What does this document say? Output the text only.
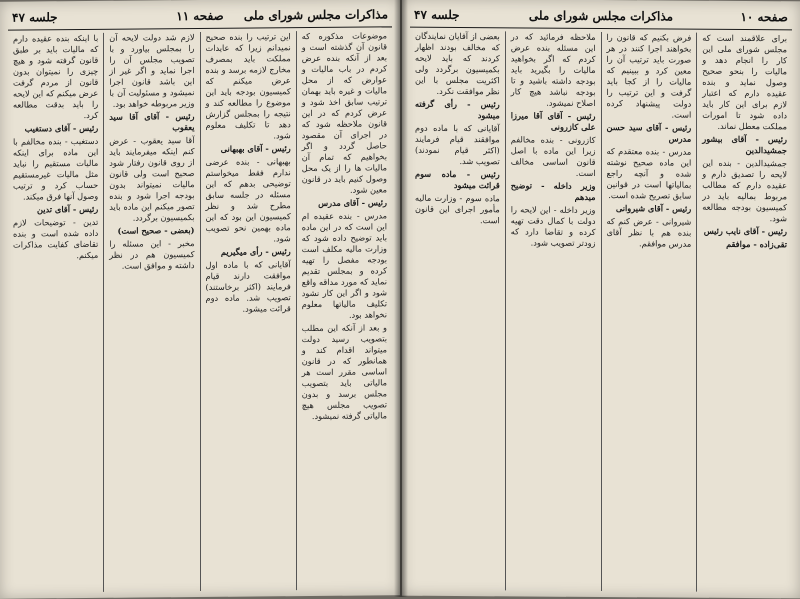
مذاکرات مجلس شورای ملی
صفحه ۱۱
جلسه ۴۷

موضوعات مذکوره که قانون آن گذشته است و بعد از آنکه بنده عرض کردم در باب مالیات و عوارض که از محل مالیات و غیره باید بهمان ترتیب سابق اخذ شود و عرض کردم که در این قانون ملاحظه شود که در اجرای آن مقصود حاصل گردد و اگر بخواهیم که تمام آن مالیات ها را از یک محل وصول کنیم باید در قانون معین شود.

رئیس - آقای مدرس

مدرس - بنده عقیده ام این است که در این ماده باید توضیح داده شود که وزارت مالیه مکلف است بودجه مفصل را تهیه کرده و بمجلس تقدیم نماید که مورد مداقه واقع شود و اگر این کار نشود تکلیف مالیاتها معلوم نخواهد بود.

و بعد از آنکه این مطلب بتصویب رسید دولت میتواند اقدام کند و همانطور که در قانون اساسی مقرر است هر مالیاتی باید بتصویب مجلس برسد و بدون تصویب مجلس هیچ مالیاتی گرفته نمیشود.

این ترتیب را بنده صحیح نمیدانم زیرا که عایدات مملکت باید بمصرف مخارج لازمه برسد و بنده عرض میکنم که کمیسیون بودجه باید این موضوع را مطالعه کند و نتیجه را بمجلس گزارش دهد تا تکلیف معلوم شود.

رئیس - آقای بهبهانی

بهبهانی - بنده عرضی ندارم فقط میخواستم توضیحی بدهم که این مسئله در جلسه سابق مطرح شد و نظر کمیسیون این بود که این ماده بهمین نحو تصویب شود.

رئیس - رأی میگیریم

آقایانی که با ماده اول موافقت دارند قیام فرمایند (اکثر برخاستند) تصویب شد. ماده دوم قرائت میشود.

لازم شد دولت لایحه آن را بمجلس بیاورد و با تصویب مجلس آن را اجرا نماید و اگر غیر از این باشد قانون اجرا نمیشود و مسئولیت آن با وزیر مربوطه خواهد بود.

رئیس - آقای آقا سید یعقوب

آقا سید یعقوب - عرض کنم اینکه میفرمایند باید از روی قانون رفتار شود صحیح است ولی قانون مالیات نمیتواند بدون بودجه اجرا شود و بنده تصور میکنم این ماده باید بکمیسیون برگردد.

(بعضی - صحیح است)

مخبر - این مسئله را کمیسیون هم در نظر داشته و موافق است.

با اینکه بنده عقیده دارم که مالیات باید بر طبق قانون گرفته شود و هیچ چیزی را نمیتوان بدون قانون از مردم گرفت عرض میکنم که این لایحه را باید بدقت مطالعه کرد.

رئیس - آقای دستغیب

دستغیب - بنده مخالفم با این ماده برای اینکه مالیات مستقیم را نباید مثل مالیات غیرمستقیم حساب کرد و ترتیب وصول آنها فرق میکند.

رئیس - آقای تدین

تدین - توضیحات لازم داده شده است و بنده تقاضای کفایت مذاکرات میکنم.

صفحه ۱۰
مذاکرات مجلس شورای ملی
جلسه ۴۷

برای علاقمند است که مجلس شورای ملی این کار را انجام دهد و مالیات را بنحو صحیح وصول نماید و بنده عقیده دارم که اعتبار لازم برای این کار باید داده شود تا امورات مملکت معطل نماند.

رئیس - آقای بیشور جمشیدالدین

جمشیدالدین - بنده این لایحه را تصدیق دارم و عقیده دارم که مطالب مربوط بمالیه باید در کمیسیون بودجه مطالعه شود.

رئیس - آقای نایب رئیس

تقی‌زاده - موافقم

فرض بکنیم که قانون را بخواهند اجرا کنند در هر صورت باید ترتیب آن را معین کرد و ببینیم که مالیات را از کجا باید گرفت و این ترتیب را دولت پیشنهاد کرده است.

رئیس - آقای سید حسن مدرس

مدرس - بنده معتقدم که این ماده صحیح نوشته شده و آنچه راجع بمالیاتها است در قوانین سابق تصریح شده است.

رئیس - آقای شیروانی

شیروانی - عرض کنم که بنده هم با نظر آقای مدرس موافقم.

ملاحظه فرمائید که در این مسئله بنده عرض کردم که اگر بخواهید مالیات را بگیرید باید بودجه داشته باشید و تا بودجه نباشد هیچ کار اصلاح نمیشود.

رئیس - آقای آقا میرزا علی کازرونی

کازرونی - بنده مخالفم زیرا این ماده با اصل قانون اساسی مخالف است.

وزیر داخله - توضیح میدهم

وزیر داخله - این لایحه را دولت با کمال دقت تهیه کرده و تقاضا دارد که زودتر تصویب شود.

بعضی از آقایان نمایندگان که مخالف بودند اظهار کردند که باید لایحه بکمیسیون برگردد ولی اکثریت مجلس با این نظر موافقت نکرد.

رئیس - رأی گرفته میشود

آقایانی که با ماده دوم موافقند قیام فرمایند (اکثر قیام نمودند) تصویب شد.

رئیس - ماده سوم قرائت میشود

ماده سوم - وزارت مالیه مأمور اجرای این قانون است.
